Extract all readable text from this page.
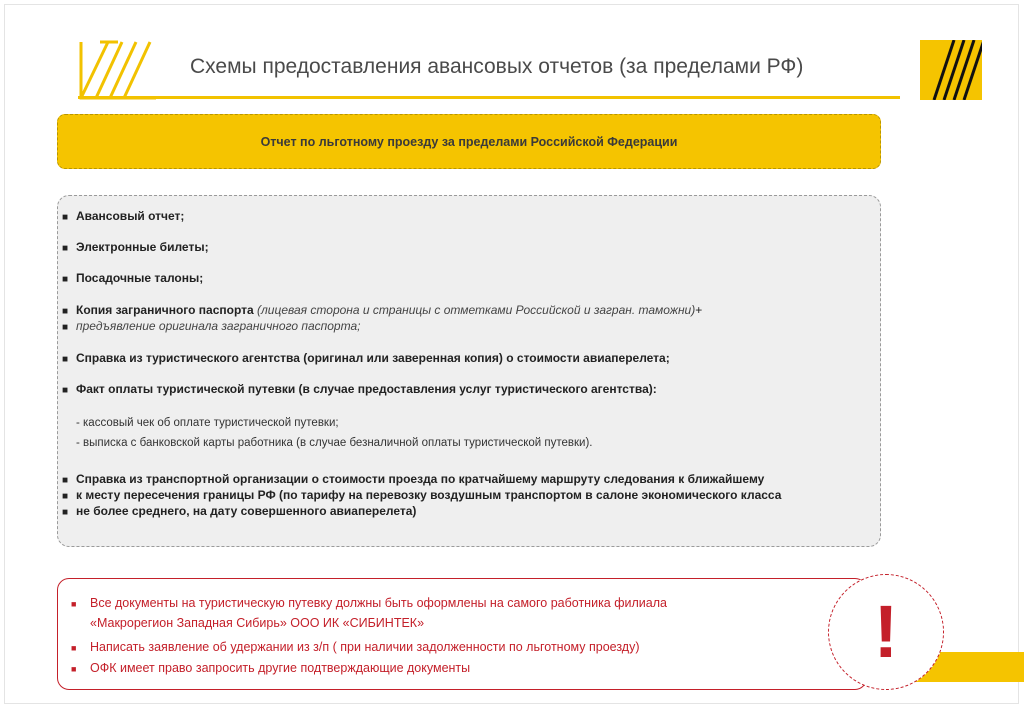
Схемы предоставления авансовых отчетов (за пределами РФ)
Отчет по льготному проезду за пределами Российской Федерации
■ Авансовый отчет;
■ Электронные билеты;
■ Посадочные талоны;
■ Копия заграничного паспорта (лицевая сторона и страницы с отметками Российской и загран. таможни)+
■ предъявление оригинала заграничного паспорта;
■ Справка из туристического агентства (оригинал или заверенная копия) о стоимости авиаперелета;
■ Факт оплаты туристической путевки (в случае предоставления услуг туристического агентства):
- кассовый чек об оплате туристической путевки;
- выписка с банковской карты работника (в случае безналичной оплаты туристической путевки).
■ Справка из транспортной организации о стоимости проезда по кратчайшему маршруту следования к ближайшему
■ к месту пересечения границы РФ (по тарифу на перевозку воздушным транспортом в салоне экономического класса
■ не более среднего, на дату совершенного авиаперелета)
■ Все документы на туристическую путевку должны быть оформлены на самого работника филиала
«Макрорегион Западная Сибирь» ООО ИК «СИБИНТЕК»
■ Написать заявление об удержании из з/п ( при наличии задолженности по льготному проезду)
■ ОФК имеет право запросить другие подтверждающие документы	!
